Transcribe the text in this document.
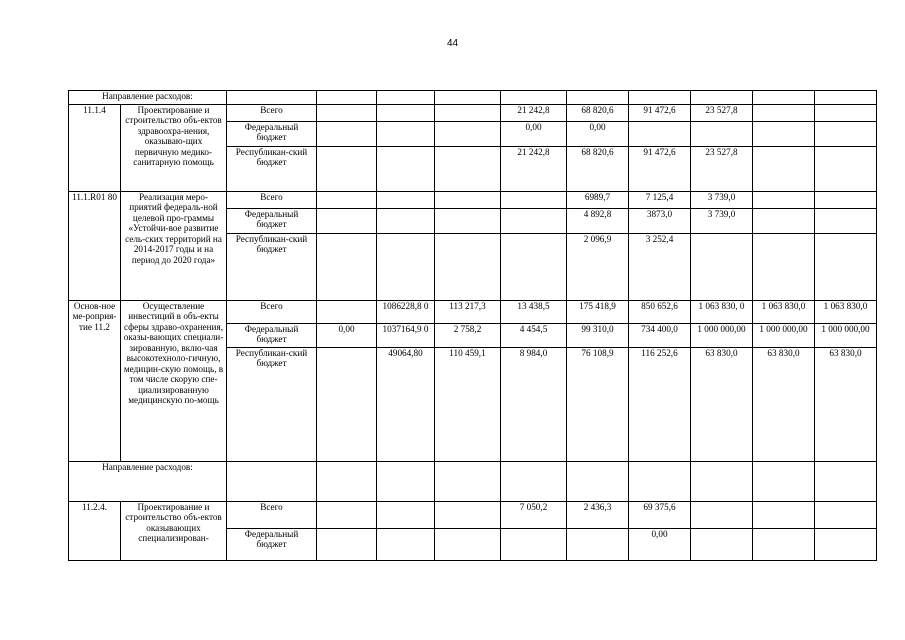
44
Направление расходов:											
11.1.4	Проектирование и строительство объ-ектов здравоохра-нения, оказываю-щих первичную медико-санитарную помощь	Всего				21 242,8	68 820,6	91 472,6	23 527,8		
		Федеральный бюджет				0,00	0,00				
		Республикан-ский бюджет				21 242,8	68 820,6	91 472,6	23 527,8		
11.1.R01 80	Реализация меро-приятий федераль-ной целевой про-граммы «Устойчи-вое развитие сель-ских территорий на 2014-2017 годы и на период до 2020 года»	Всего					6989,7	7 125,4	3 739,0		
		Федеральный бюджет					4 892,8	3873,0	3 739,0		
		Республикан-ский бюджет					2 096,9	3 252,4			
Основ-ное ме-роприя-тие 11.2	Осуществление инвестиций в объ-екты сферы здраво-охранения, оказы-вающих специали-зированную, вклю-чая высокотехноло-гичную, медицин-скую помощь, в том числе скорую спе-циализированную медицинскую по-мощь	Всего		1086228,8 0	113 217,3	13 438,5	175 418,9	850 652,6	1 063 830, 0	1 063 830,0	1 063 830,0
		Федеральный бюджет	0,00	1037164,9 0	2 758,2	4 454,5	99 310,0	734 400,0	1 000 000,00	1 000 000,00	1 000 000,00
		Республикан-ский бюджет		49064,80	110 459,1	8 984,0	76 108,9	116 252,6	63 830,0	63 830,0	63 830,0
Направление расходов:											
11.2.4.	Проектирование и строительство объ-ектов оказывающих специализирован-	Всего				7 050,2	2 436,3	69 375,6			
		Федеральный бюджет						0,00			
